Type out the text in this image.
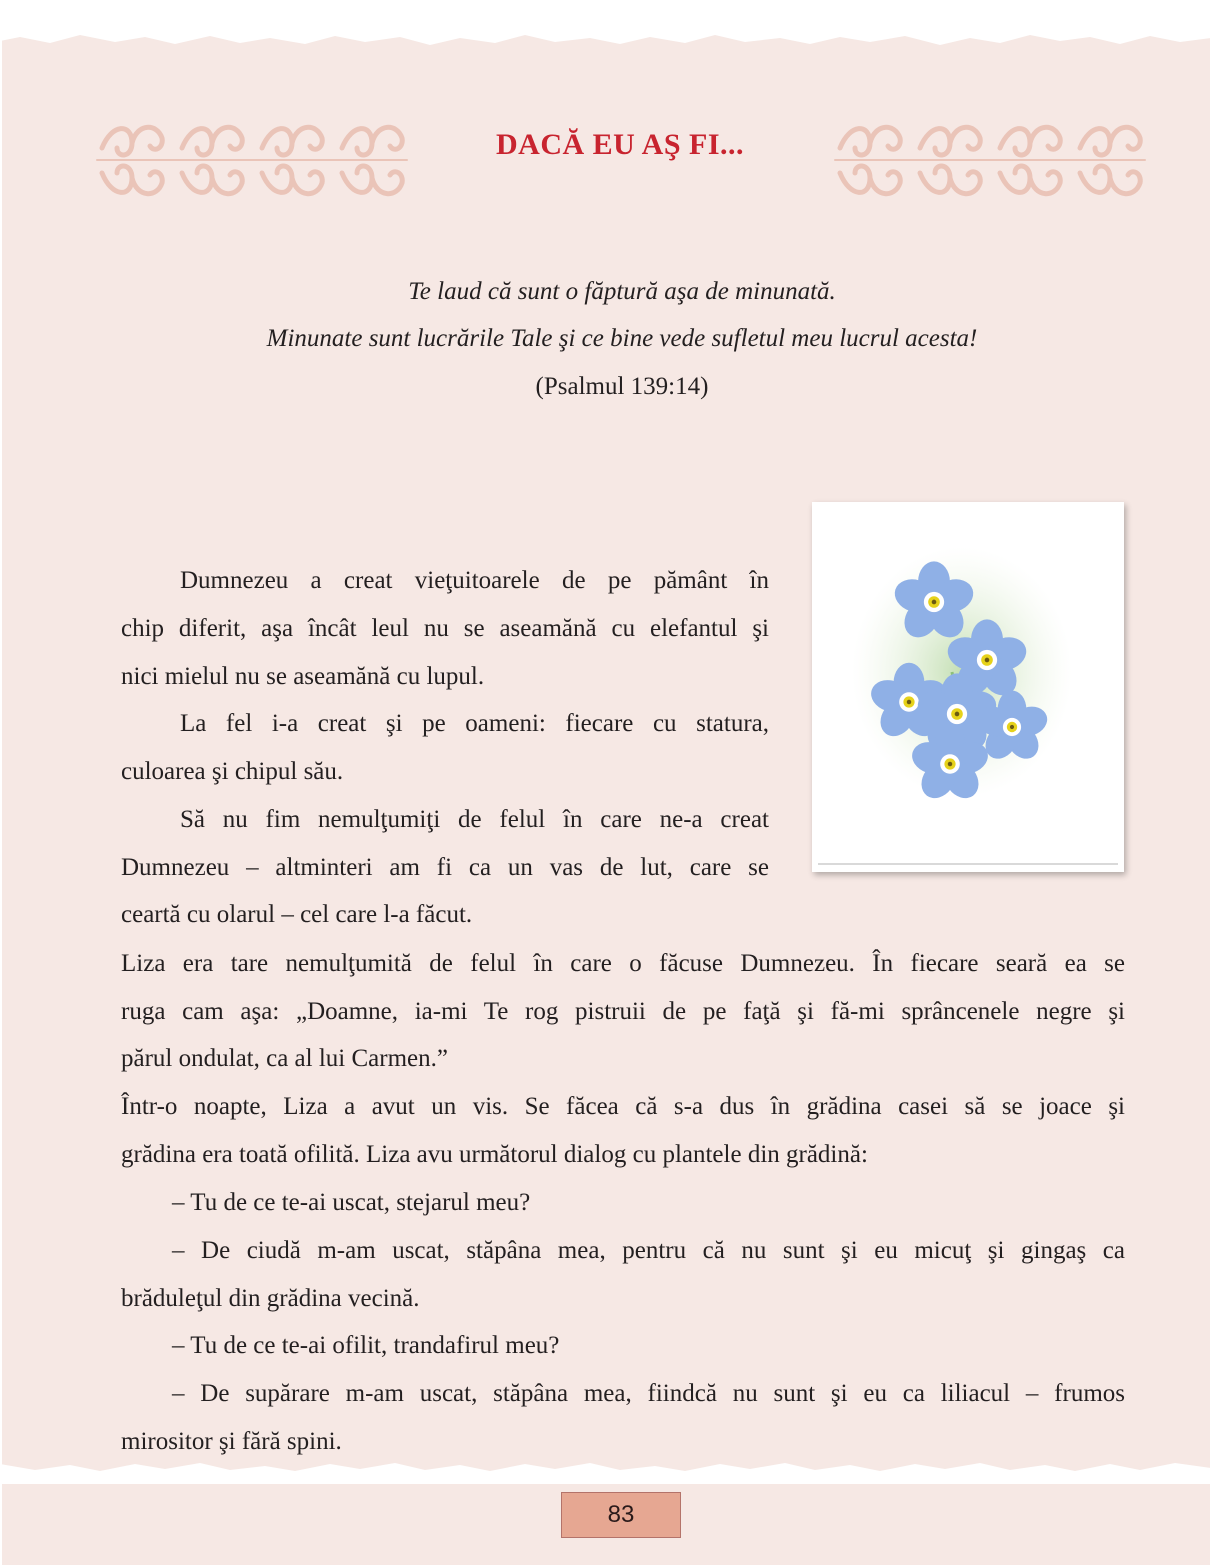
DACĂ EU AŞ FI...
Te laud că sunt o făptură aşa de minunată.
Minunate sunt lucrările Tale şi ce bine vede sufletul meu lucrul acesta!
(Psalmul 139:14)
Dumnezeu a creat vieţuitoarele de pe pământ în
chip diferit, aşa încât leul nu se aseamănă cu elefantul şi
nici mielul nu se aseamănă cu lupul.
La fel i-a creat şi pe oameni: fiecare cu statura,
culoarea şi chipul său.
Să nu fim nemulţumiţi de felul în care ne-a creat
Dumnezeu – altminteri am fi ca un vas de lut, care se
ceartă cu olarul – cel care l-a făcut.
Liza era tare nemulţumită de felul în care o făcuse Dumnezeu. În fiecare seară ea se
ruga cam aşa: „Doamne, ia-mi Te rog pistruii de pe faţă şi fă-mi sprâncenele negre şi
părul ondulat, ca al lui Carmen.”
Într-o noapte, Liza a avut un vis. Se făcea că s-a dus în grădina casei să se joace şi
grădina era toată ofilită. Liza avu următorul dialog cu plantele din grădină:
– Tu de ce te-ai uscat, stejarul meu?
– De ciudă m-am uscat, stăpâna mea, pentru că nu sunt şi eu micuţ şi gingaş ca
brăduleţul din grădina vecină.
– Tu de ce te-ai ofilit, trandafirul meu?
– De supărare m-am uscat, stăpâna mea, fiindcă nu sunt şi eu ca liliacul – frumos
mirositor şi fără spini.
83
